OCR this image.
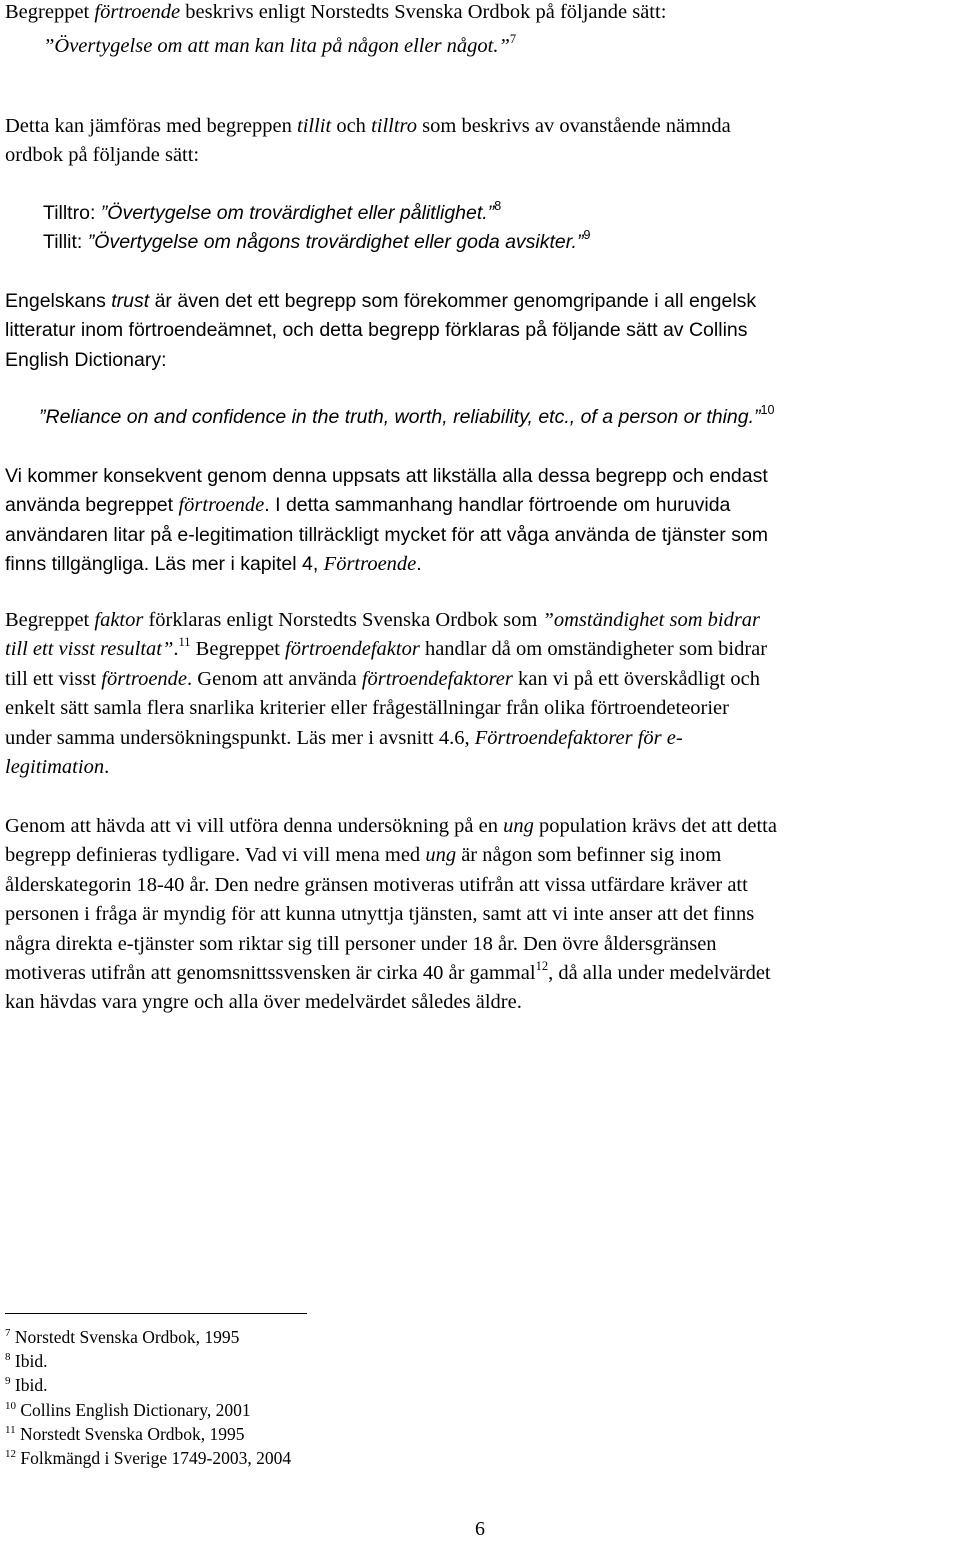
Begreppet förtroende beskrivs enligt Norstedts Svenska Ordbok på följande sätt:
”Övertygelse om att man kan lita på någon eller något.”$^7$
Detta kan jämföras med begreppen tillit och tilltro som beskrivs av ovanstående nämnda
ordbok på följande sätt:
Tilltro: ”Övertygelse om trovärdighet eller pålitlighet.”$^8$
Tillit: ”Övertygelse om någons trovärdighet eller goda avsikter.”$^9$
Engelskans trust är även det ett begrepp som förekommer genomgripande i all engelsk
litteratur inom förtroendeämnet, och detta begrepp förklaras på följande sätt av Collins
English Dictionary:
”Reliance on and confidence in the truth, worth, reliability, etc., of a person or thing.”$^{10}$
Vi kommer konsekvent genom denna uppsats att likställa alla dessa begrepp och endast
använda begreppet förtroende. I detta sammanhang handlar förtroende om huruvida
användaren litar på e-legitimation tillräckligt mycket för att våga använda de tjänster som
finns tillgängliga. Läs mer i kapitel 4, Förtroende.
Begreppet faktor förklaras enligt Norstedts Svenska Ordbok som ”omständighet som bidrar
till ett visst resultat”.$^{11}$ Begreppet förtroendefaktor handlar då om omständigheter som bidrar
till ett visst förtroende. Genom att använda förtroendefaktorer kan vi på ett överskådligt och
enkelt sätt samla flera snarlika kriterier eller frågeställningar från olika förtroendeteorier
under samma undersökningspunkt. Läs mer i avsnitt 4.6, Förtroendefaktorer för e-
legitimation.
Genom att hävda att vi vill utföra denna undersökning på en ung population krävs det att detta
begrepp definieras tydligare. Vad vi vill mena med ung är någon som befinner sig inom
ålderskategorin 18-40 år. Den nedre gränsen motiveras utifrån att vissa utfärdare kräver att
personen i fråga är myndig för att kunna utnyttja tjänsten, samt att vi inte anser att det finns
några direkta e-tjänster som riktar sig till personer under 18 år. Den övre åldersgränsen
motiveras utifrån att genomsnittssvensken är cirka 40 år gammal$^{12}$, då alla under medelvärdet
kan hävdas vara yngre och alla över medelvärdet således äldre.
$^7$ Norstedt Svenska Ordbok, 1995
$^8$ Ibid.
$^9$ Ibid.
$^{10}$ Collins English Dictionary, 2001
$^{11}$ Norstedt Svenska Ordbok, 1995
$^{12}$ Folkmängd i Sverige 1749-2003, 2004
6
